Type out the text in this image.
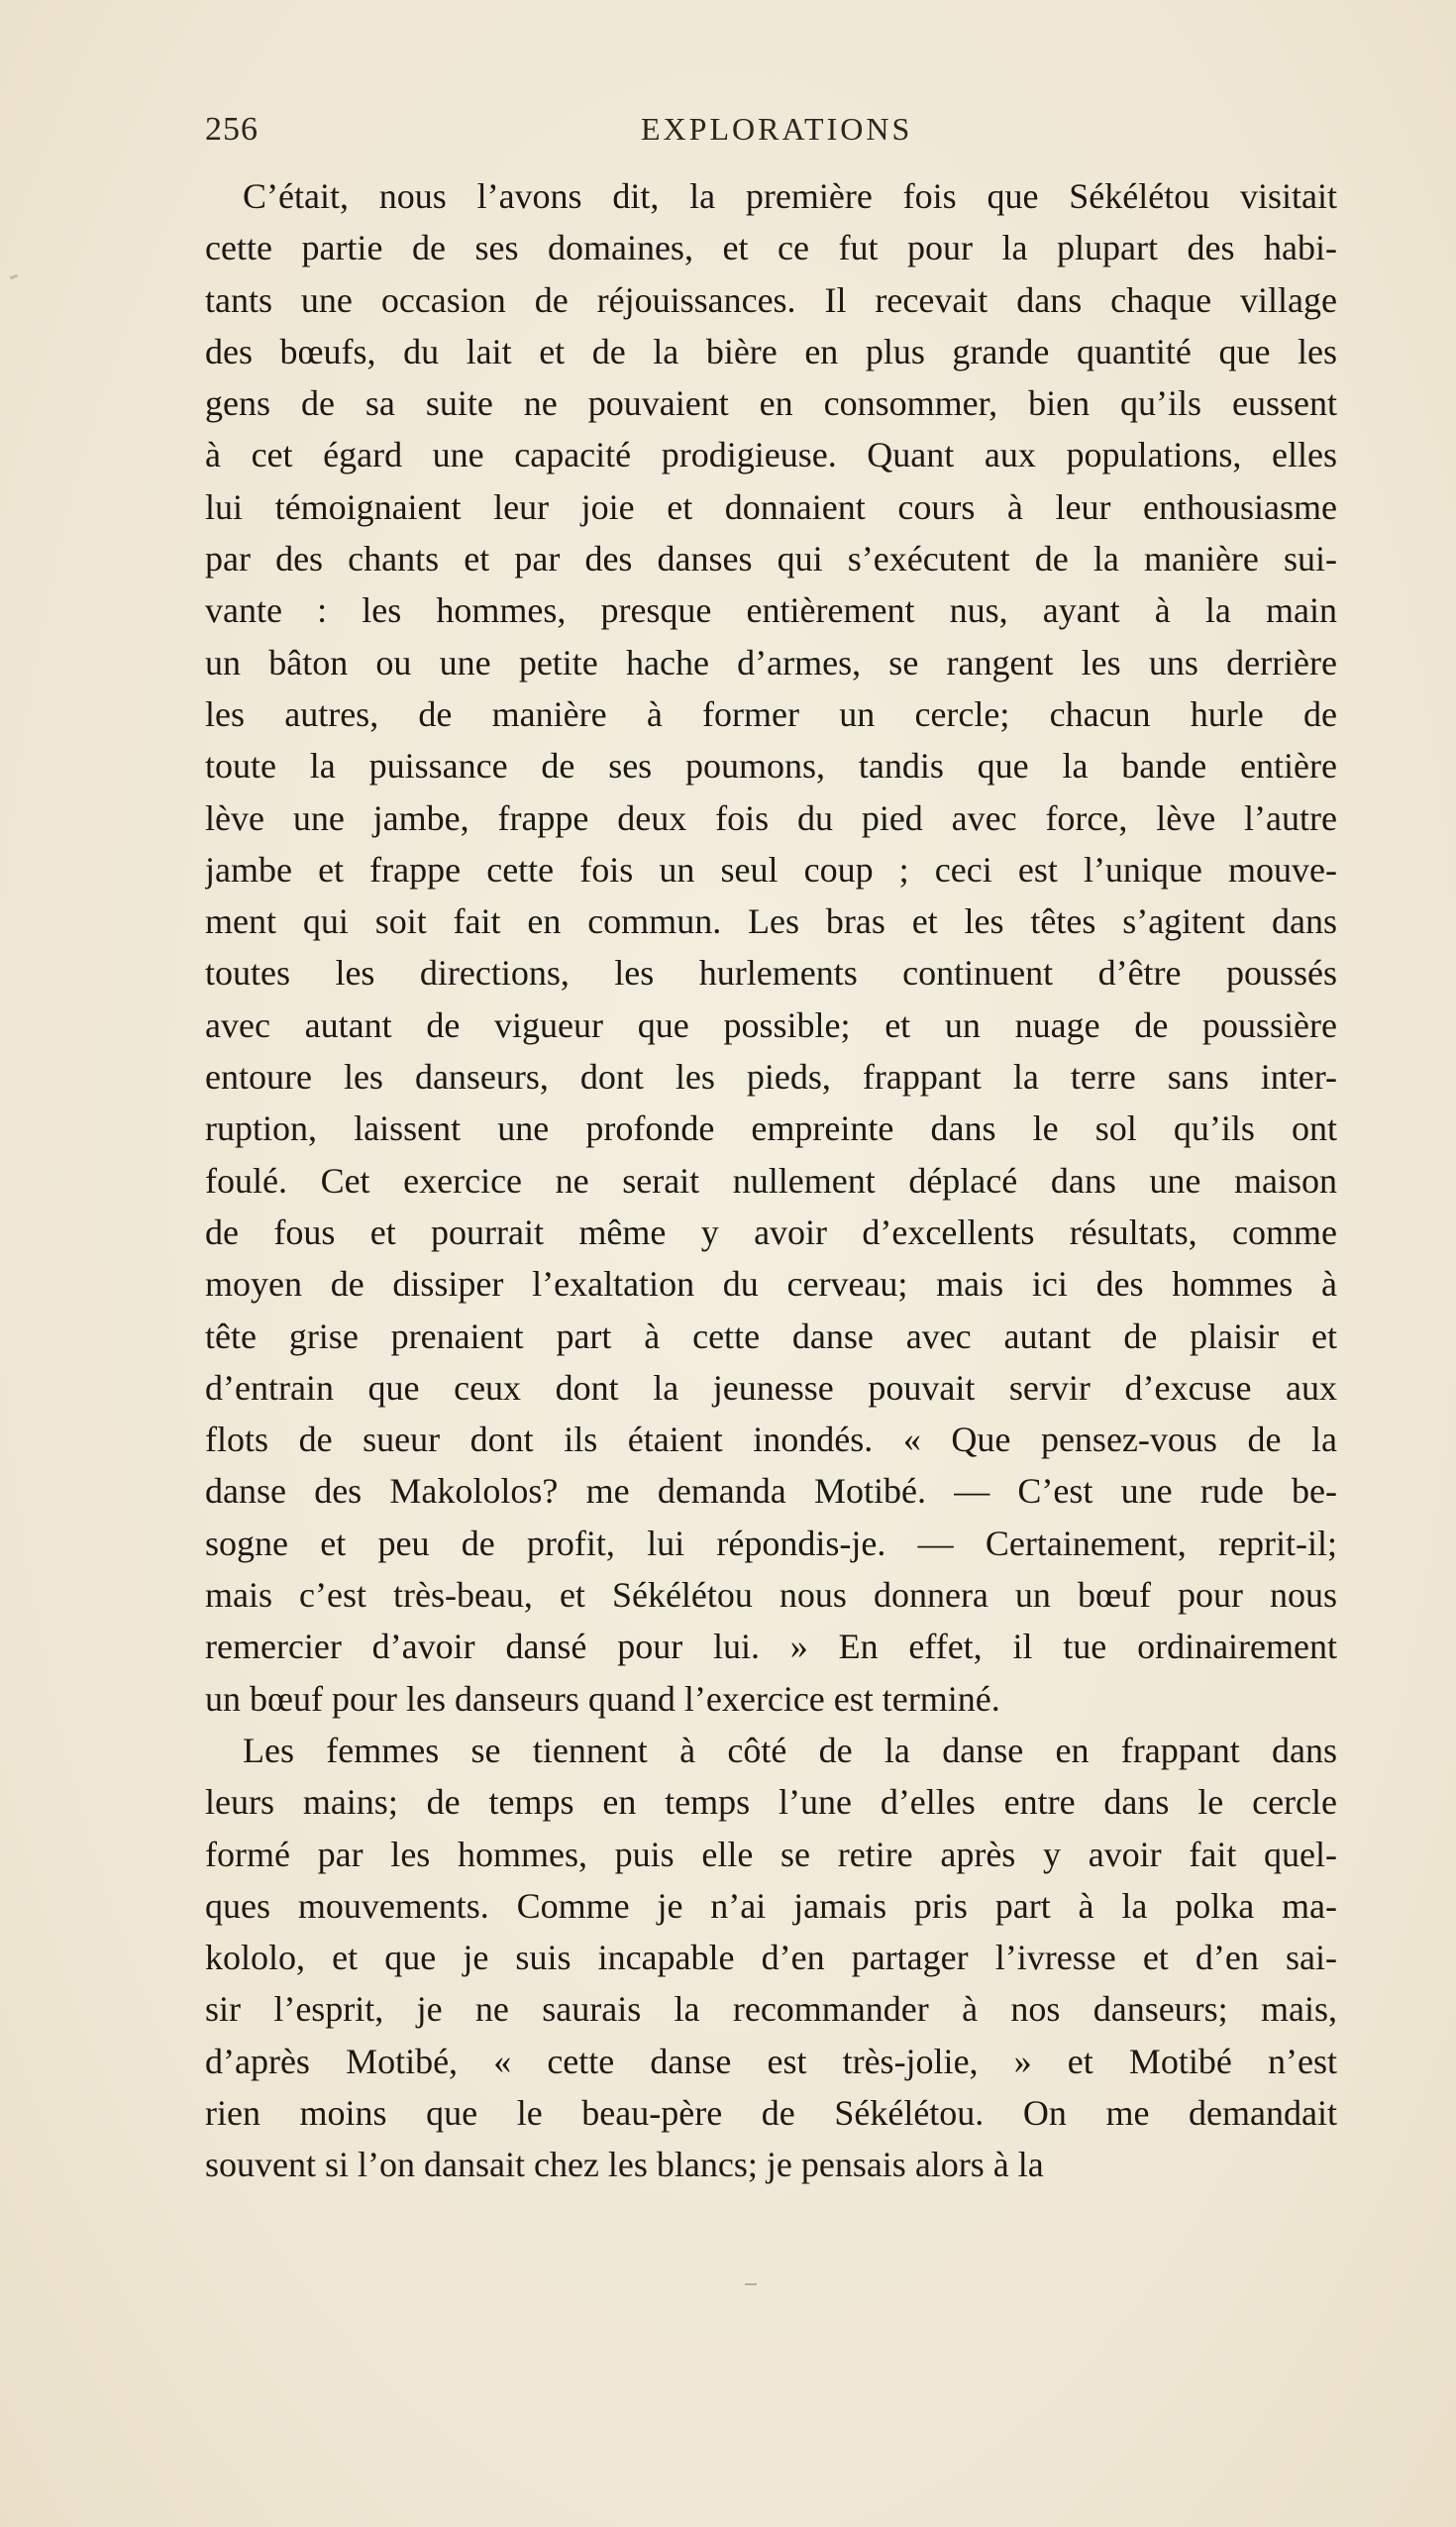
256	EXPLORATIONS
C’était, nous l’avons dit, la première fois que Sékélétou visitait
cette partie de ses domaines, et ce fut pour la plupart des habi-
tants une occasion de réjouissances. Il recevait dans chaque village
des bœufs, du lait et de la bière en plus grande quantité que les
gens de sa suite ne pouvaient en consommer, bien qu’ils eussent
à cet égard une capacité prodigieuse. Quant aux populations, elles
lui témoignaient leur joie et donnaient cours à leur enthousiasme
par des chants et par des danses qui s’exécutent de la manière sui-
vante : les hommes, presque entièrement nus, ayant à la main
un bâton ou une petite hache d’armes, se rangent les uns derrière
les autres, de manière à former un cercle; chacun hurle de
toute la puissance de ses poumons, tandis que la bande entière
lève une jambe, frappe deux fois du pied avec force, lève l’autre
jambe et frappe cette fois un seul coup ; ceci est l’unique mouve-
ment qui soit fait en commun. Les bras et les têtes s’agitent dans
toutes les directions, les hurlements continuent d’être poussés
avec autant de vigueur que possible; et un nuage de poussière
entoure les danseurs, dont les pieds, frappant la terre sans inter-
ruption, laissent une profonde empreinte dans le sol qu’ils ont
foulé. Cet exercice ne serait nullement déplacé dans une maison
de fous et pourrait même y avoir d’excellents résultats, comme
moyen de dissiper l’exaltation du cerveau; mais ici des hommes à
tête grise prenaient part à cette danse avec autant de plaisir et
d’entrain que ceux dont la jeunesse pouvait servir d’excuse aux
flots de sueur dont ils étaient inondés. « Que pensez-vous de la
danse des Makololos? me demanda Motibé. — C’est une rude be-
sogne et peu de profit, lui répondis-je. — Certainement, reprit-il;
mais c’est très-beau, et Sékélétou nous donnera un bœuf pour nous
remercier d’avoir dansé pour lui. » En effet, il tue ordinairement
un bœuf pour les danseurs quand l’exercice est terminé.
Les femmes se tiennent à côté de la danse en frappant dans
leurs mains; de temps en temps l’une d’elles entre dans le cercle
formé par les hommes, puis elle se retire après y avoir fait quel-
ques mouvements. Comme je n’ai jamais pris part à la polka ma-
kololo, et que je suis incapable d’en partager l’ivresse et d’en sai-
sir l’esprit, je ne saurais la recommander à nos danseurs; mais,
d’après Motibé, « cette danse est très-jolie, » et Motibé n’est
rien moins que le beau-père de Sékélétou. On me demandait
souvent si l’on dansait chez les blancs; je pensais alors à la
